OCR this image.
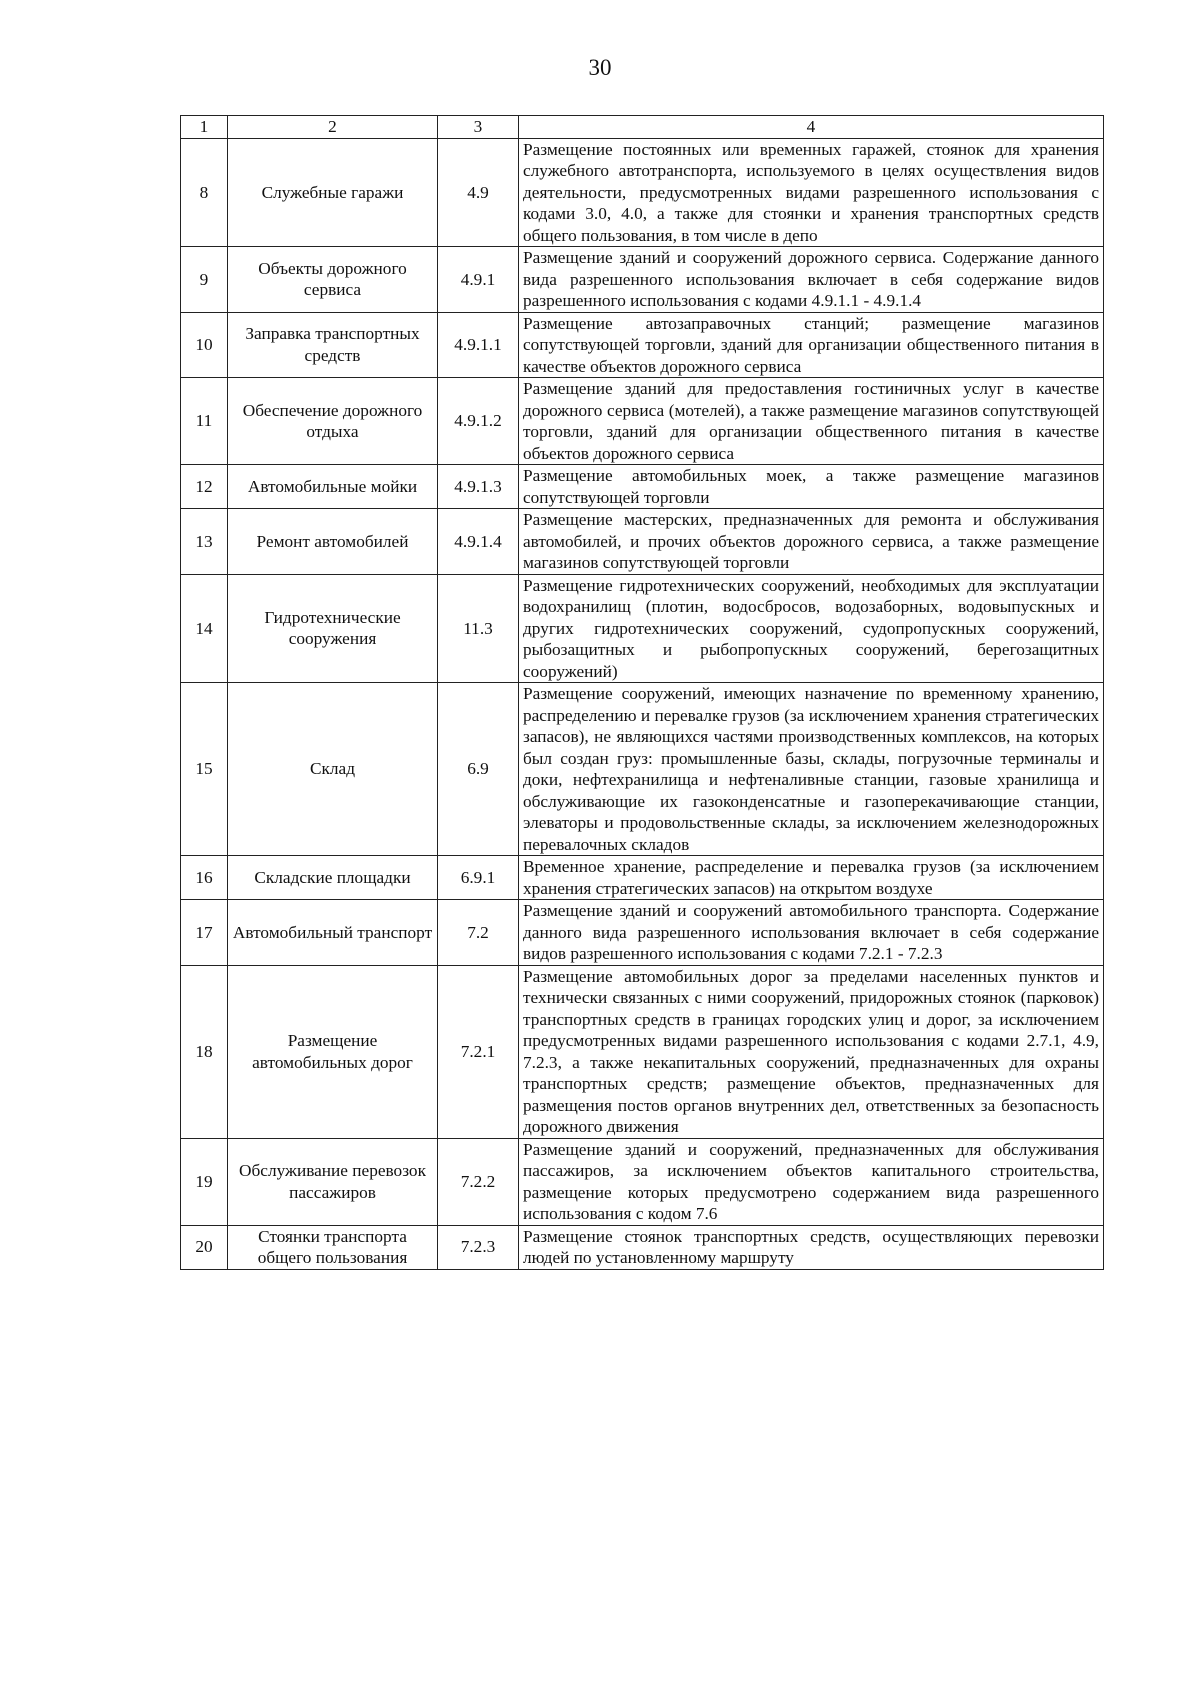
30
1	2	3	4
8	Служебные гаражи	4.9	Размещение постоянных или временных гаражей, стоянок для хранения служебного автотранспорта, используемого в целях осуществления видов деятельности, предусмотренных видами разрешенного использования с кодами 3.0, 4.0, а также для стоянки и хранения транспортных средств общего пользования, в том числе в депо
9	Объекты дорожного сервиса	4.9.1	Размещение зданий и сооружений дорожного сервиса. Содержание данного вида разрешенного использования включает в себя содержание видов разрешенного использования с кодами 4.9.1.1 - 4.9.1.4
10	Заправка транспортных средств	4.9.1.1	Размещение автозаправочных станций; размещение магазинов сопутствующей торговли, зданий для организации общественного питания в качестве объектов дорожного сервиса
11	Обеспечение дорожного отдыха	4.9.1.2	Размещение зданий для предоставления гостиничных услуг в качестве дорожного сервиса (мотелей), а также размещение магазинов сопутствующей торговли, зданий для организации общественного питания в качестве объектов дорожного сервиса
12	Автомобильные мойки	4.9.1.3	Размещение автомобильных моек, а также размещение магазинов сопутствующей торговли
13	Ремонт автомобилей	4.9.1.4	Размещение мастерских, предназначенных для ремонта и обслуживания автомобилей, и прочих объектов дорожного сервиса, а также размещение магазинов сопутствующей торговли
14	Гидротехнические сооружения	11.3	Размещение гидротехнических сооружений, необходимых для эксплуатации водохранилищ (плотин, водосбросов, водозаборных, водовыпускных и других гидротехнических сооружений, судопропускных сооружений, рыбозащитных и рыбопропускных сооружений, берегозащитных сооружений)
15	Склад	6.9	Размещение сооружений, имеющих назначение по временному хранению, распределению и перевалке грузов (за исключением хранения стратегических запасов), не являющихся частями производственных комплексов, на которых был создан груз: промышленные базы, склады, погрузочные терминалы и доки, нефтехранилища и нефтеналивные станции, газовые хранилища и обслуживающие их газоконденсатные и газоперекачивающие станции, элеваторы и продовольственные склады, за исключением железнодорожных перевалочных складов
16	Складские площадки	6.9.1	Временное хранение, распределение и перевалка грузов (за исключением хранения стратегических запасов) на открытом воздухе
17	Автомобильный транспорт	7.2	Размещение зданий и сооружений автомобильного транспорта. Содержание данного вида разрешенного использования включает в себя содержание видов разрешенного использования с кодами 7.2.1 - 7.2.3
18	Размещение автомобильных дорог	7.2.1	Размещение автомобильных дорог за пределами населенных пунктов и технически связанных с ними сооружений, придорожных стоянок (парковок) транспортных средств в границах городских улиц и дорог, за исключением предусмотренных видами разрешенного использования с кодами 2.7.1, 4.9, 7.2.3, а также некапитальных сооружений, предназначенных для охраны транспортных средств; размещение объектов, предназначенных для размещения постов органов внутренних дел, ответственных за безопасность дорожного движения
19	Обслуживание перевозок пассажиров	7.2.2	Размещение зданий и сооружений, предназначенных для обслуживания пассажиров, за исключением объектов капитального строительства, размещение которых предусмотрено содержанием вида разрешенного использования с кодом 7.6
20	Стоянки транспорта общего пользования	7.2.3	Размещение стоянок транспортных средств, осуществляющих перевозки людей по установленному маршруту
